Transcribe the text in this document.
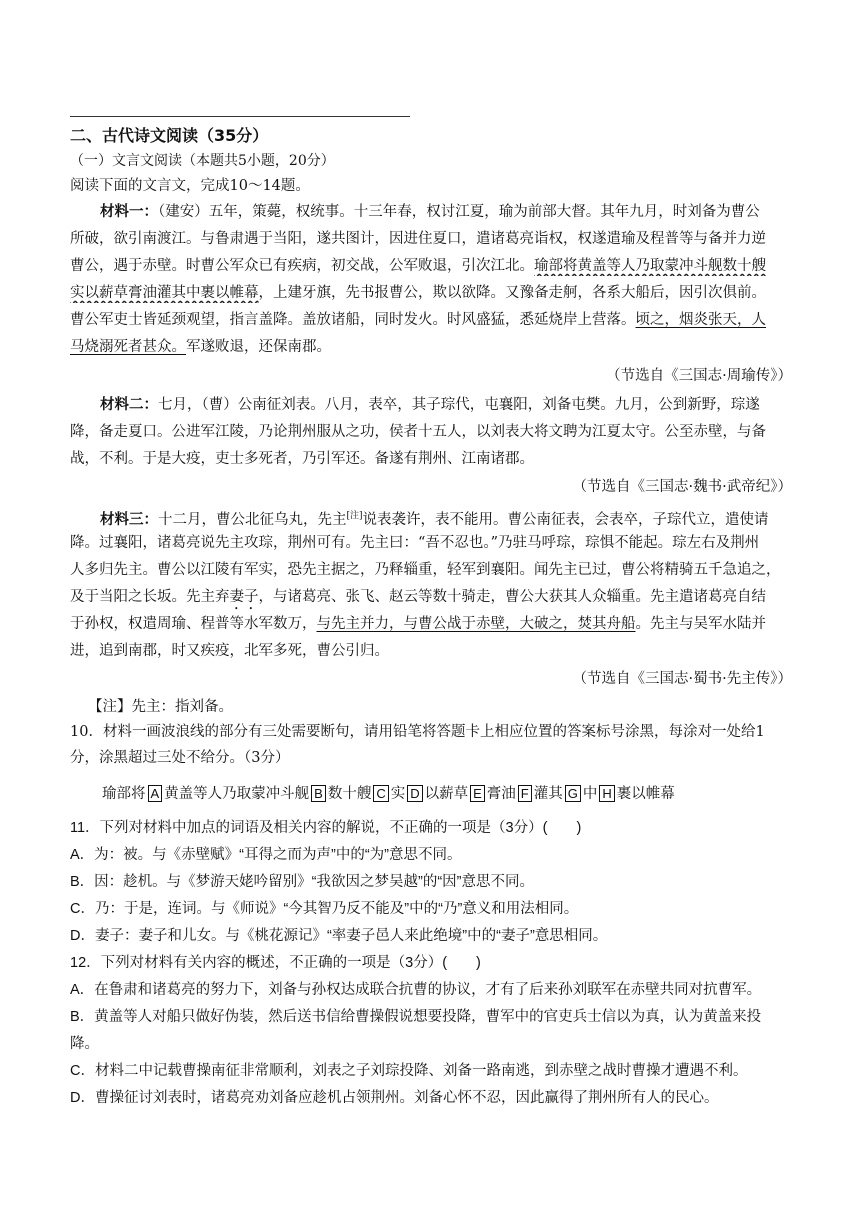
二、古代诗文阅读（35分）
（一）文言文阅读（本题共5小题，20分）
阅读下面的文言文，完成10～14题。
材料一：（建安）五年，策薨，权统事。十三年春，权讨江夏，瑜为前部大督。其年九月，时刘备为曹公
所破，欲引南渡江。与鲁肃遇于当阳，遂共图计，因进住夏口，遣诸葛亮诣权，权遂遣瑜及程普等与备并力逆
曹公，遇于赤壁。时曹公军众已有疾病，初交战，公军败退，引次江北。瑜部将黄盖等人乃取蒙冲斗舰数十艘
实以薪草膏油灌其中裹以帷幕，上建牙旗，先书报曹公，欺以欲降。又豫备走舸，各系大船后，因引次俱前。
曹公军吏士皆延颈观望，指言盖降。盖放诸船，同时发火。时风盛猛，悉延烧岸上营落。顷之，烟炎张天，人
马烧溺死者甚众。军遂败退，还保南郡。
（节选自《三国志·周瑜传》）
材料二：七月，（曹）公南征刘表。八月，表卒，其子琮代，屯襄阳，刘备屯樊。九月，公到新野，琮遂
降，备走夏口。公进军江陵，乃论荆州服从之功，侯者十五人，以刘表大将文聘为江夏太守。公至赤壁，与备
战，不利。于是大疫，吏士多死者，乃引军还。备遂有荆州、江南诸郡。
（节选自《三国志·魏书·武帝纪》）
材料三：十二月，曹公北征乌丸，先主[注]说表袭许，表不能用。曹公南征表，会表卒，子琮代立，遣使请
降。过襄阳，诸葛亮说先主攻琮，荆州可有。先主曰：“吾不忍也。”乃驻马呼琮，琮惧不能起。琮左右及荆州
人多归先主。曹公以江陵有军实，恐先主据之，乃释辎重，轻军到襄阳。闻先主已过，曹公将精骑五千急追之，
及于当阳之长坂。先主弃妻子，与诸葛亮、张飞、赵云等数十骑走，曹公大获其人众辎重。先主遣诸葛亮自结
于孙权，权遣周瑜、程普等水军数万，与先主并力，与曹公战于赤壁，大破之，焚其舟船。先主与吴军水陆并
进，追到南郡，时又疾疫，北军多死，曹公引归。
（节选自《三国志·蜀书·先主传》）
【注】先主：指刘备。
10．材料一画波浪线的部分有三处需要断句，请用铅笔将答题卡上相应位置的答案标号涂黑，每涂对一处给1
分，涂黑超过三处不给分。（3分）
瑜部将 A 黄盖等人乃取蒙冲斗舰 B 数十艘 C 实 D 以薪草 E 膏油 F 灌其 G 中 H 裹以帷幕
11．下列对材料中加点的词语及相关内容的解说，不正确的一项是（3分）(　　)
A．为：被。与《赤壁赋》“耳得之而为声”中的“为”意思不同。
B．因：趁机。与《梦游天姥吟留别》“我欲因之梦吴越”的“因”意思不同。
C．乃：于是，连词。与《师说》“今其智乃反不能及”中的“乃”意义和用法相同。
D．妻子：妻子和儿女。与《桃花源记》“率妻子邑人来此绝境”中的“妻子”意思相同。
12．下列对材料有关内容的概述，不正确的一项是（3分）(　　)
A．在鲁肃和诸葛亮的努力下，刘备与孙权达成联合抗曹的协议，才有了后来孙刘联军在赤壁共同对抗曹军。
B．黄盖等人对船只做好伪装，然后送书信给曹操假说想要投降，曹军中的官吏兵士信以为真，认为黄盖来投
降。
C．材料二中记载曹操南征非常顺利，刘表之子刘琮投降、刘备一路南逃，到赤壁之战时曹操才遭遇不利。
D．曹操征讨刘表时，诸葛亮劝刘备应趁机占领荆州。刘备心怀不忍，因此赢得了荆州所有人的民心。
